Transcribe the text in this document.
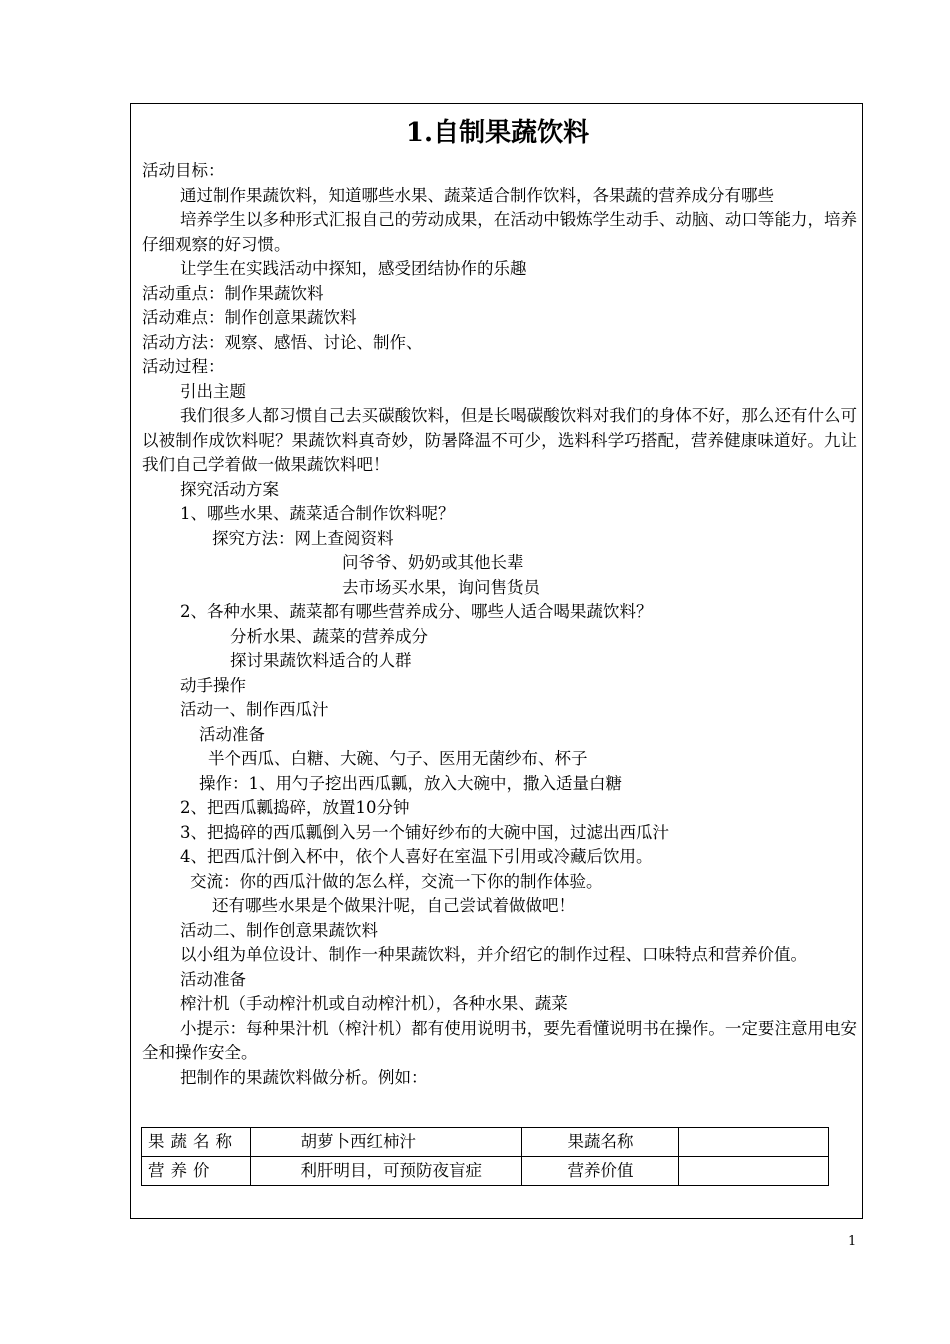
1.自制果蔬饮料
活动目标：
通过制作果蔬饮料，知道哪些水果、蔬菜适合制作饮料，各果蔬的营养成分有哪些
培养学生以多种形式汇报自己的劳动成果，在活动中锻炼学生动手、动脑、动口等能力，培养仔细观察的好习惯。
让学生在实践活动中探知，感受团结协作的乐趣
活动重点：制作果蔬饮料
活动难点：制作创意果蔬饮料
活动方法：观察、感悟、讨论、制作、
活动过程：
引出主题
我们很多人都习惯自己去买碳酸饮料，但是长喝碳酸饮料对我们的身体不好，那么还有什么可以被制作成饮料呢？果蔬饮料真奇妙，防暑降温不可少，选料科学巧搭配，营养健康味道好。九让我们自己学着做一做果蔬饮料吧！
探究活动方案
1、哪些水果、蔬菜适合制作饮料呢？
探究方法：网上查阅资料
问爷爷、奶奶或其他长辈
去市场买水果，询问售货员
2、各种水果、蔬菜都有哪些营养成分、哪些人适合喝果蔬饮料？
分析水果、蔬菜的营养成分
探讨果蔬饮料适合的人群
动手操作
活动一、制作西瓜汁
活动准备
半个西瓜、白糖、大碗、勺子、医用无菌纱布、杯子
操作：1、用勺子挖出西瓜瓤，放入大碗中，撒入适量白糖
2、把西瓜瓤捣碎，放置10分钟
3、把捣碎的西瓜瓤倒入另一个铺好纱布的大碗中国，过滤出西瓜汁
4、把西瓜汁倒入杯中，依个人喜好在室温下引用或冷藏后饮用。
交流：你的西瓜汁做的怎么样，交流一下你的制作体验。
还有哪些水果是个做果汁呢，自己尝试着做做吧！
活动二、制作创意果蔬饮料
以小组为单位设计、制作一种果蔬饮料，并介绍它的制作过程、口味特点和营养价值。
活动准备
榨汁机（手动榨汁机或自动榨汁机），各种水果、蔬菜
小提示：每种果汁机（榨汁机）都有使用说明书，要先看懂说明书在操作。一定要注意用电安全和操作安全。
把制作的果蔬饮料做分析。例如：
果蔬名称	胡萝卜西红柿汁	果蔬名称	
营养价	利肝明目，可预防夜盲症	营养价值	
1
